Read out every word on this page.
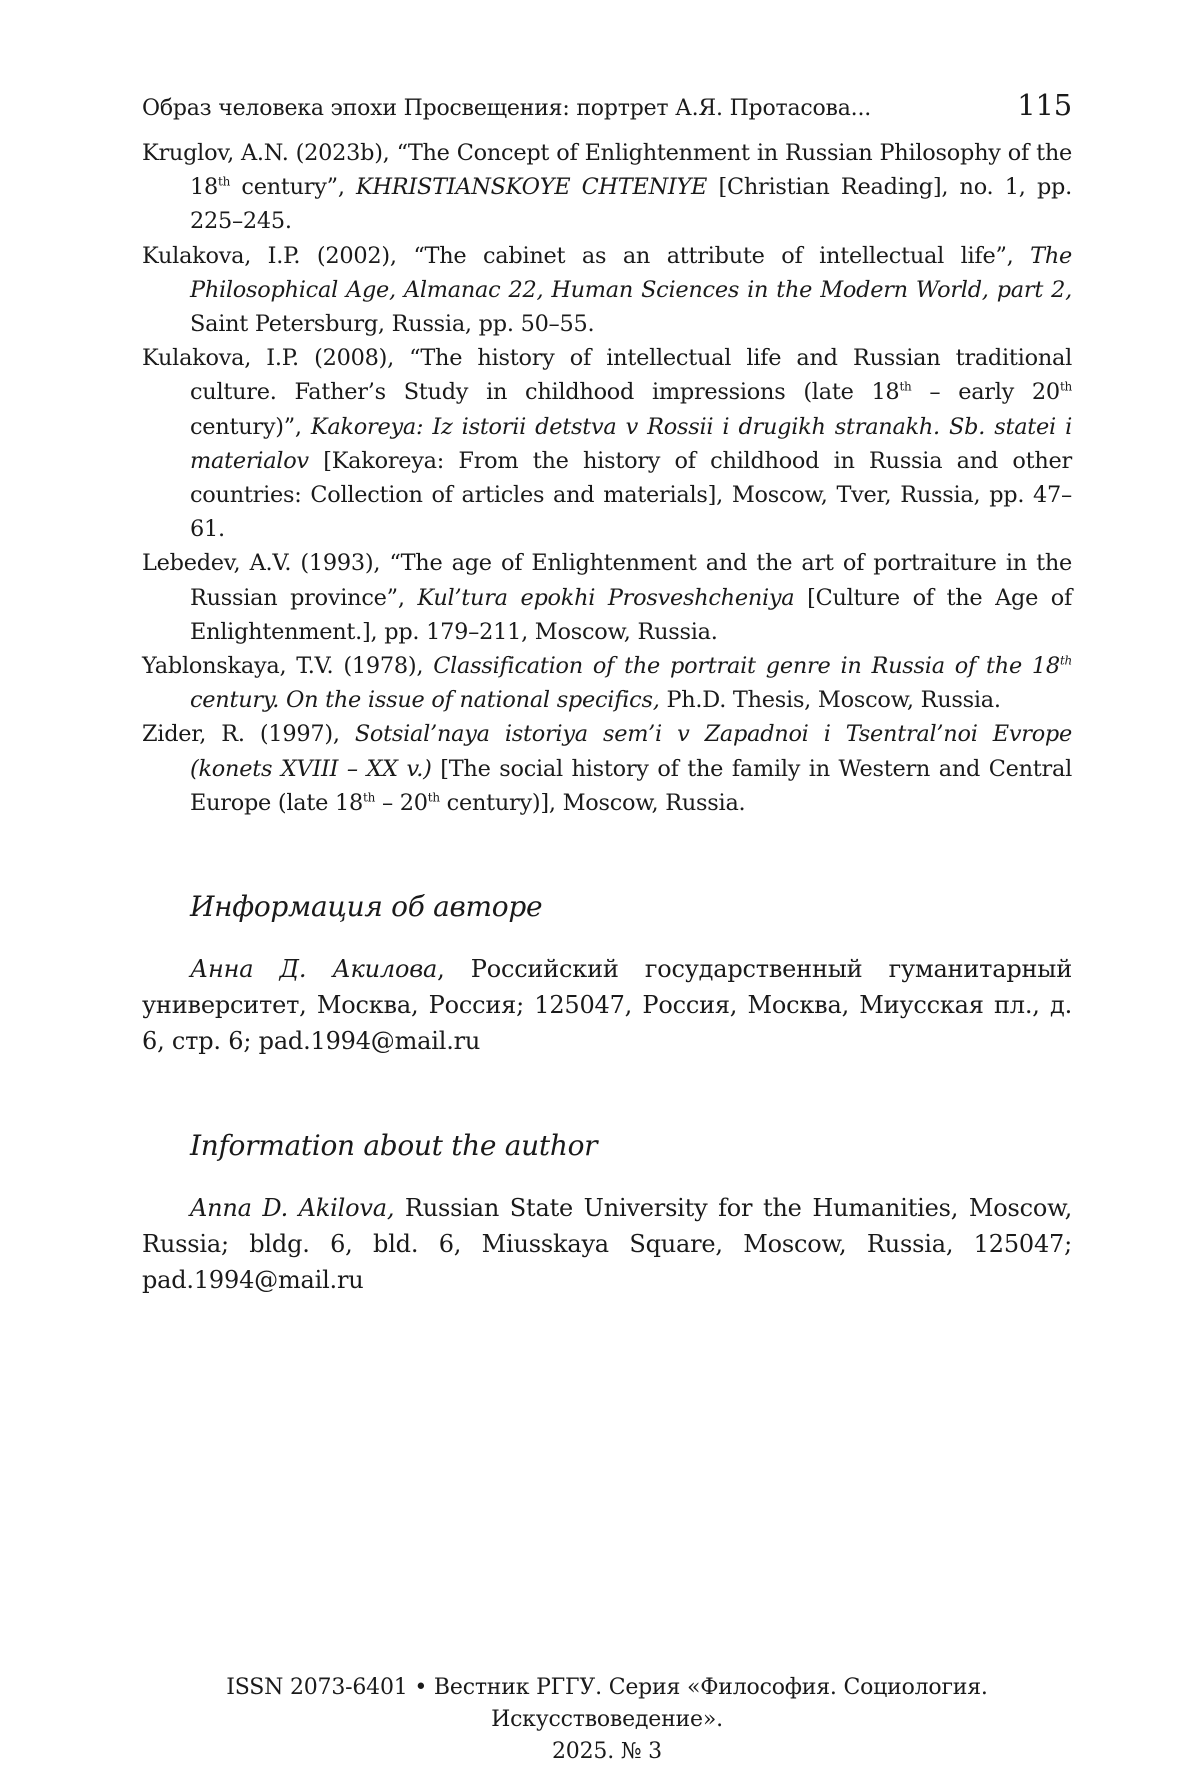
Образ человека эпохи Просвещения: портрет А.Я. Протасова...	115
Kruglov, A.N. (2023b), “The Concept of Enlightenment in Russian Philosophy of the 18th century”, KHRISTIANSKOYE CHTENIYE [Christian Reading], no. 1, pp. 225–245.
Kulakova, I.P. (2002), “The cabinet as an attribute of intellectual life”, The Philosophical Age, Almanac 22, Human Sciences in the Modern World, part 2, Saint Petersburg, Russia, pp. 50–55.
Kulakova, I.P. (2008), “The history of intellectual life and Russian traditional culture. Father’s Study in childhood impressions (late 18th – early 20th century)”, Kakoreya: Iz istorii detstva v Rossii i drugikh stranakh. Sb. statei i materialov [Kakoreya: From the history of childhood in Russia and other countries: Collection of articles and materials], Moscow, Tver, Russia, pp. 47–61.
Lebedev, A.V. (1993), “The age of Enlightenment and the art of portraiture in the Russian province”, Kul’tura epokhi Prosveshcheniya [Culture of the Age of Enlightenment.], pp. 179–211, Moscow, Russia.
Yablonskaya, T.V. (1978), Classification of the portrait genre in Russia of the 18th century. On the issue of national specifics, Ph.D. Thesis, Moscow, Russia.
Zider, R. (1997), Sotsial’naya istoriya sem’i v Zapadnoi i Tsentral’noi Evrope (konets XVIII – XX v.) [The social history of the family in Western and Central Europe (late 18th – 20th century)], Moscow, Russia.
Информация об авторе

Анна Д. Акилова, Российский государственный гуманитарный университет, Москва, Россия; 125047, Россия, Москва, Миусская пл., д. 6, стр. 6; pad.1994@mail.ru

Information about the author

Anna D. Akilova, Russian State University for the Humanities, Moscow, Russia; bldg. 6, bld. 6, Miusskaya Square, Moscow, Russia, 125047; pad.1994@mail.ru

ISSN 2073-6401 • Вестник РГГУ. Серия «Философия. Социология. Искусствоведение».
2025. № 3
